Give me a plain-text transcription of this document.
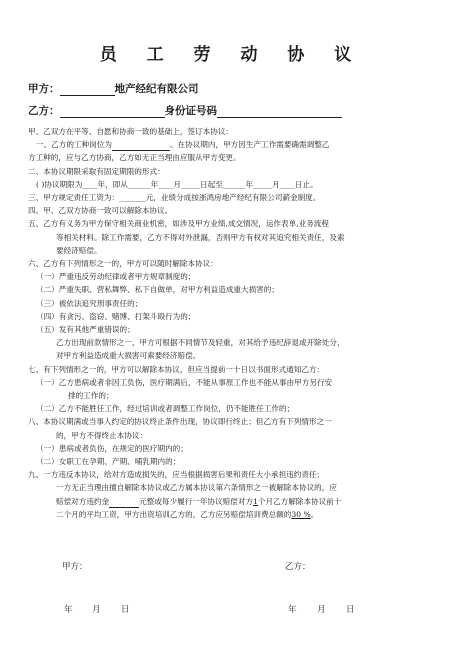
员 工 劳 动 协 议
甲方：	地产经纪有限公司
乙方：	身份证号码
甲、乙双方在平等、自愿和协商一致的基础上，签订本协议：
一、乙方的工种岗位为	。在协议期内，甲方因生产工作需要确需调整乙
方工种的，应与乙方协商，乙方如无正当理由应服从甲方变更。
二、本协议期限采取有固定期限的形式：
( )协议期限为____年，即从______年____月_____日起至______年_____月____日止。
三、甲方规定责任工资为：_______元，业绩分成按浙鸿房地产经纪有限公司薪金制度。
四、甲、乙双方协商一致可以解除本协议。
五、乙方有义务为甲方保守相关商业机密，如涉及甲方业绩,成交情况，运作表单,业务流程
等相关材料。除工作需要，乙方不得对外泄漏，否则甲方有权对其追究相关责任，及索
要经济赔偿。
六、乙方有下列情形之一的，甲方可以随时解除本协议：
（一）严重违反劳动纪律或者甲方规章制度的；
（二）严重失职、营私舞弊、私下自做单，对甲方利益造成重大损害的；
（三）被依法追究刑事责任的；
（四）有贪污、盗窃、赌博、打架斗殴行为的；
（五）发有其他严重错误的；
乙方出现前款情形之一，甲方可根据不同情节及轻重，对其给予违纪辞退或开除处分，
对甲方利益造成重大损害可索要经济赔偿。
七、有下列情形之一的，甲方可以解除本协议，但应当提前一十日以书面形式通知乙方：
（一）乙方患病或者非因工负伤，医疗期满后，不能从事原工作也不能从事由甲方另行安
排的工作的；
（二）乙方不能胜任工作，经过培训或者调整工作岗位，仍不能胜任工作的；
八、本协议期满或当事人约定的协议终止条件出现，协议即行终止；但乙方有下列情形之一
的，甲方不得终止本协议：
（一）患病或者负伤，在规定的医疗期内的；
（二）女职工在孕期、产期、哺乳期内的；
九、一方违反本协议，给对方造成损失的，应当根据损害后果和责任大小承担违约责任；
一方无正当理由擅自解除本协议或乙方属本协议第六条情形之一被解除本协议的，应
赔偿对方违约金	元整或每少履行一年协议赔偿对方1个月乙方解除本协议前十
二个月的平均工资，甲方出资培训乙方的，乙方应另赔偿培训费总额的30 %。
甲方：	乙方：
年 月 日	年 月 日
